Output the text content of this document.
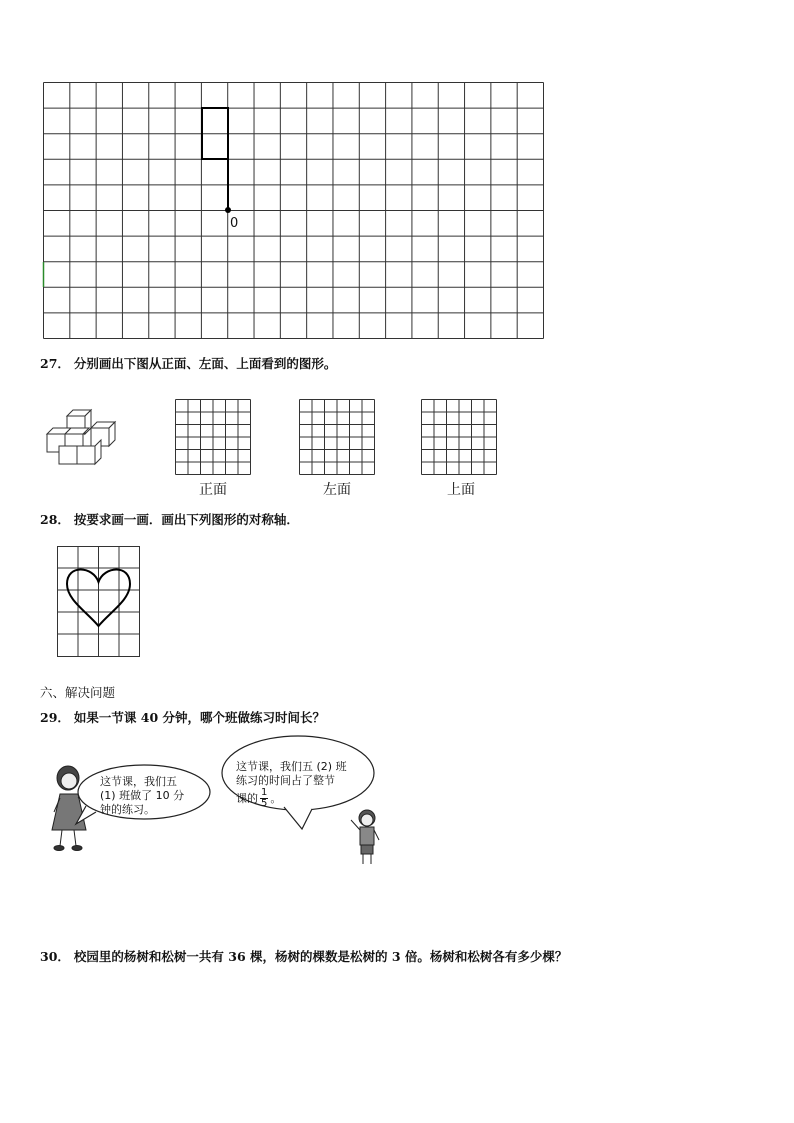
0
27． 分别画出下图从正面、左面、上面看到的图形。
正面	左面	上面
28． 按要求画一画．画出下列图形的对称轴．
六、解决问题
29． 如果一节课 40 分钟，哪个班做练习时间长？
这节课，我们五
(1) 班做了 10 分
钟的练习。
这节课，我们五 (2) 班
练习的时间占了整节
课的 $\frac{1}{5}$ 。
30． 校园里的杨树和松树一共有 36 棵，杨树的棵数是松树的 3 倍。杨树和松树各有多少棵？
